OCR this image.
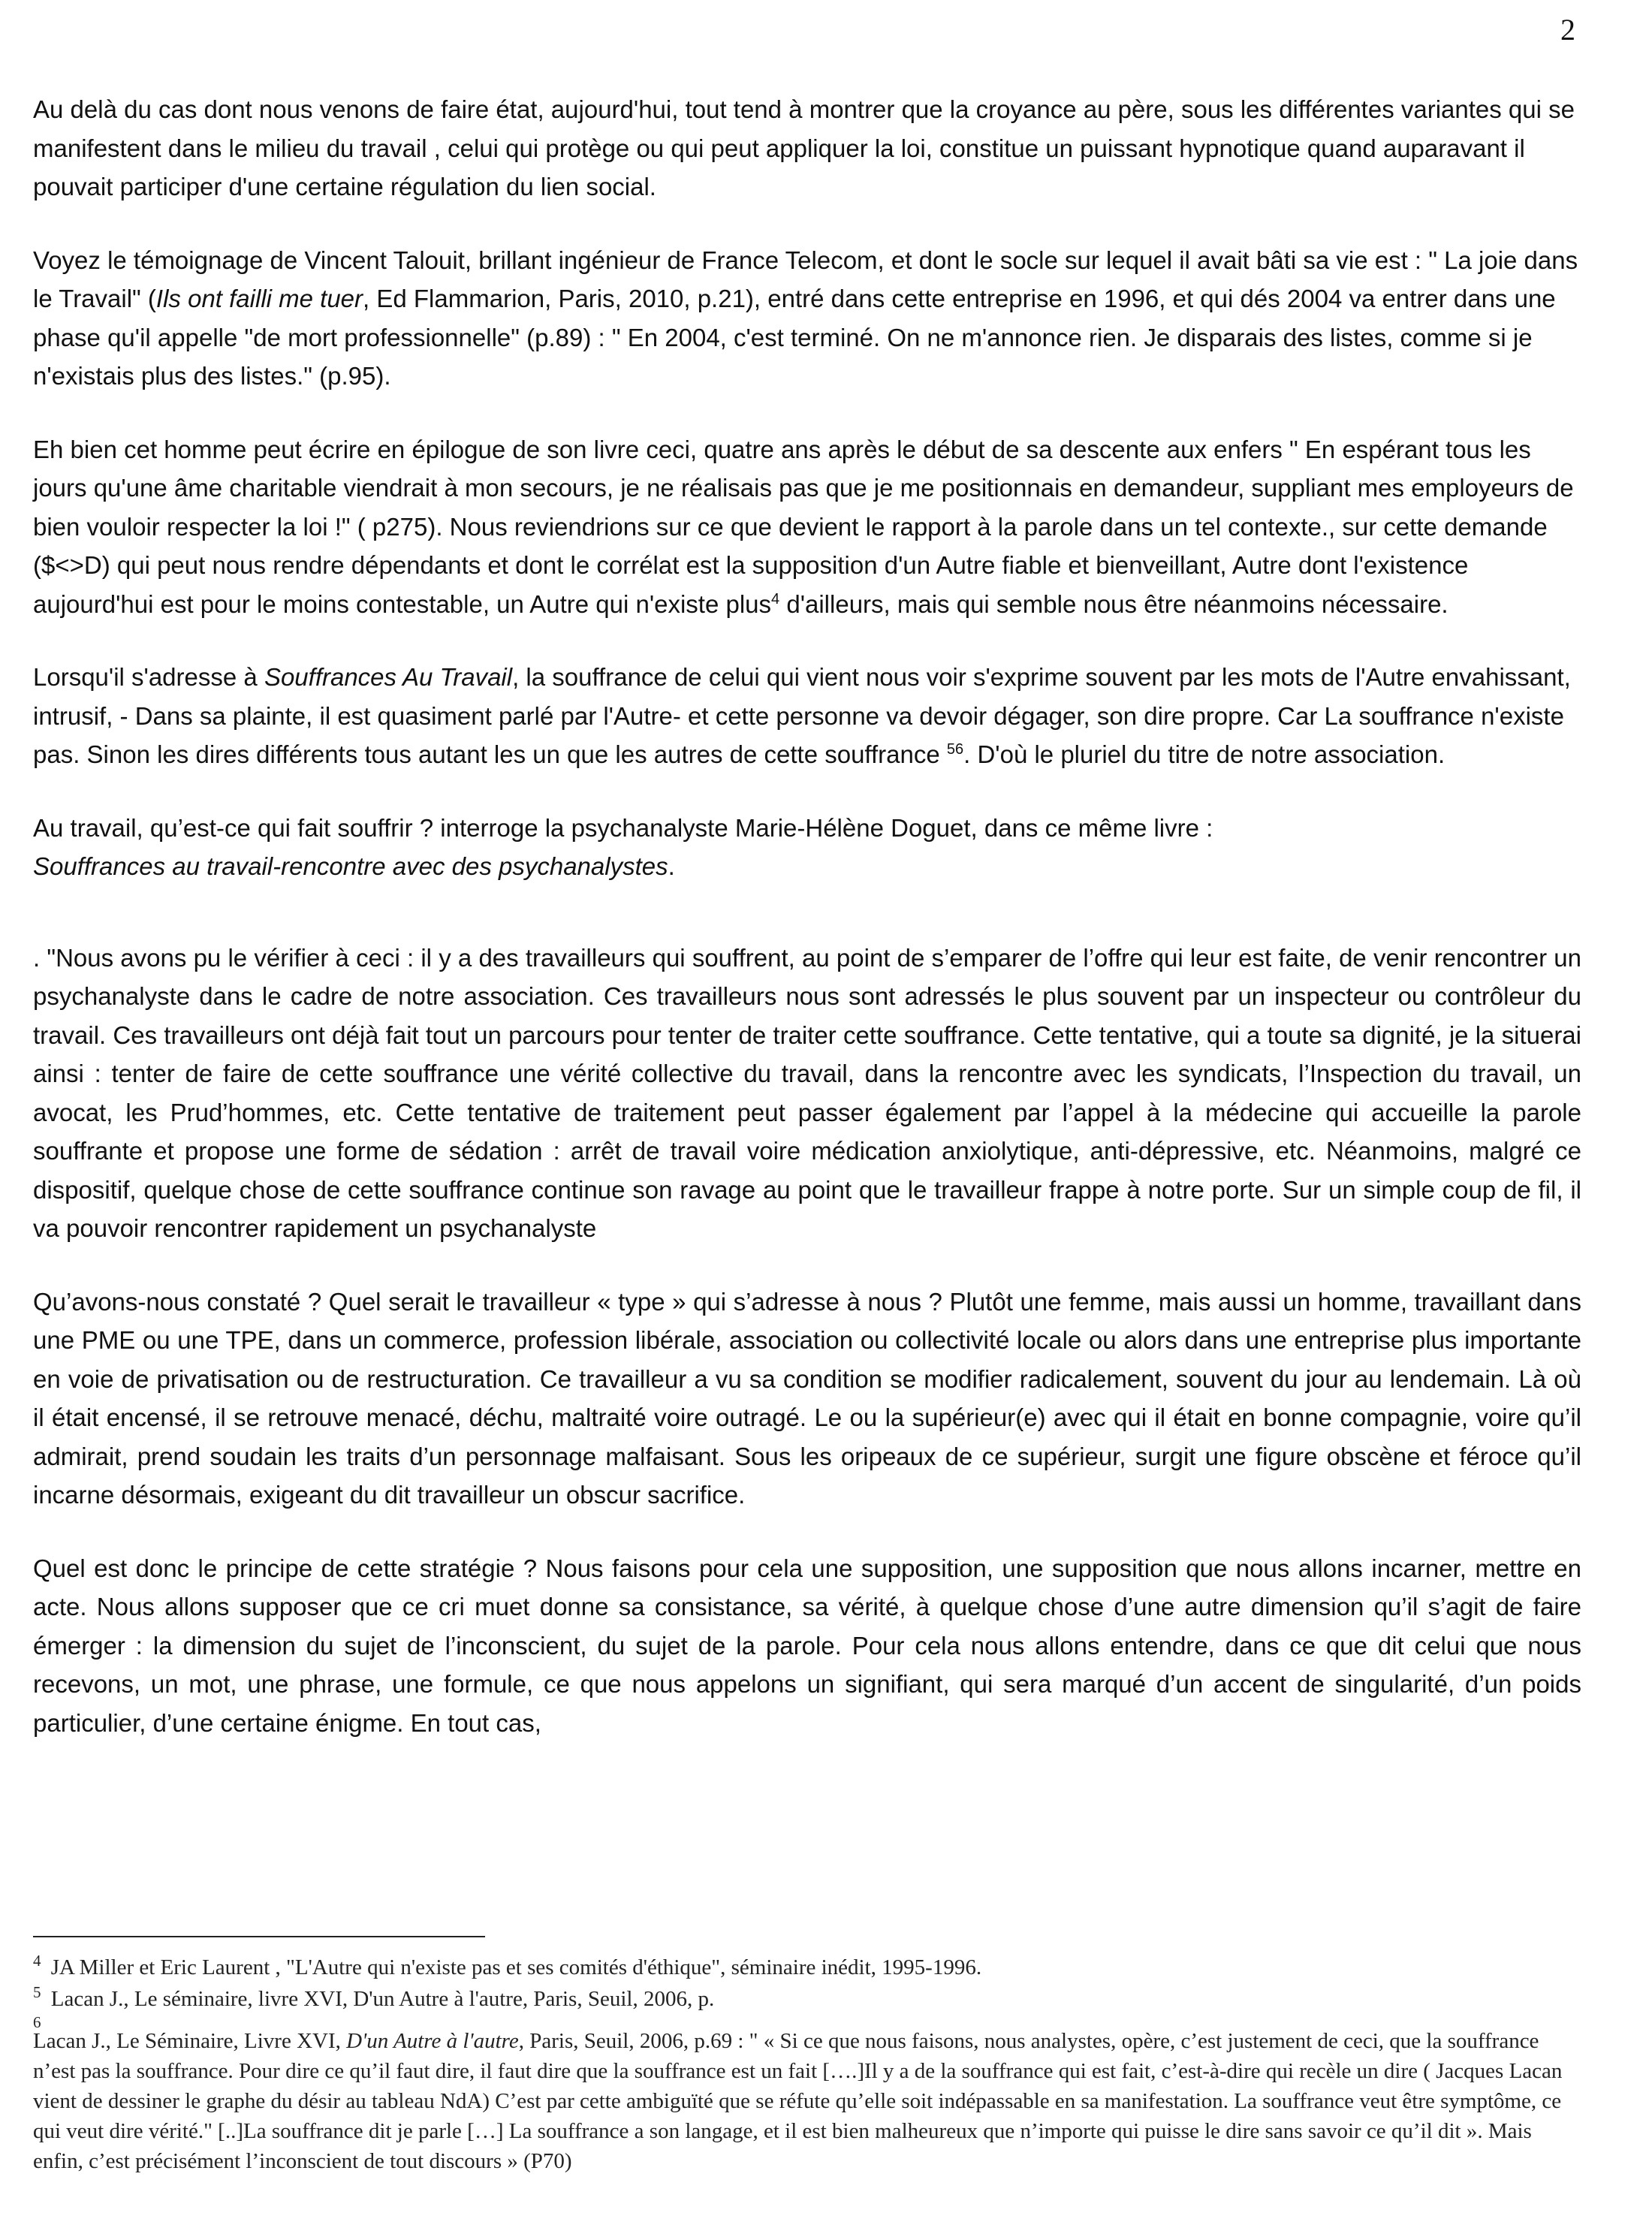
2

Au delà du cas dont nous venons de faire état, aujourd'hui, tout tend à montrer que la croyance au père, sous les différentes variantes qui se manifestent dans le milieu du travail , celui qui protège ou qui peut appliquer la loi, constitue un puissant hypnotique quand auparavant il pouvait participer d'une certaine régulation du lien social.

Voyez le témoignage de Vincent Talouit, brillant ingénieur de France Telecom, et dont le socle sur lequel il avait bâti sa vie est : " La joie dans le Travail" (Ils ont failli me tuer, Ed Flammarion, Paris, 2010, p.21), entré dans cette entreprise en 1996, et qui dés 2004 va entrer dans une phase qu'il appelle "de mort professionnelle" (p.89) : " En 2004, c'est terminé. On ne m'annonce rien. Je disparais des listes, comme si je n'existais plus des listes." (p.95).

Eh bien cet homme peut écrire en épilogue de son livre ceci, quatre ans après le début de sa descente aux enfers " En espérant tous les jours qu'une âme charitable viendrait à mon secours, je ne réalisais pas que je me positionnais en demandeur, suppliant mes employeurs de bien vouloir respecter la loi !" ( p275). Nous reviendrions sur ce que devient le rapport à la parole dans un tel contexte., sur cette demande ($<>D) qui peut nous rendre dépendants et dont le corrélat est la supposition d'un Autre fiable et bienveillant, Autre dont l'existence aujourd'hui est pour le moins contestable, un Autre qui n'existe plus$^4$ d'ailleurs, mais qui semble nous être néanmoins nécessaire.

Lorsqu'il s'adresse à Souffrances Au Travail, la souffrance de celui qui vient nous voir s'exprime souvent par les mots de l'Autre envahissant, intrusif, - Dans sa plainte, il est quasiment parlé par l'Autre- et cette personne va devoir dégager, son dire propre. Car La souffrance n'existe pas. Sinon les dires différents tous autant les un que les autres de cette souffrance $^{56}$. D'où le pluriel du titre de notre association.

Au travail, qu’est-ce qui fait souffrir ? interroge la psychanalyste Marie-Hélène Doguet, dans ce même livre :
Souffrances au travail-rencontre avec des psychanalystes.

. "Nous avons pu le vérifier à ceci : il y a des travailleurs qui souffrent, au point de s’emparer de l’offre qui leur est faite, de venir rencontrer un psychanalyste dans le cadre de notre association. Ces travailleurs nous sont adressés le plus souvent par un inspecteur ou contrôleur du travail. Ces travailleurs ont déjà fait tout un parcours pour tenter de traiter cette souffrance. Cette tentative, qui a toute sa dignité, je la situerai ainsi : tenter de faire de cette souffrance une vérité collective du travail, dans la rencontre avec les syndicats, l’Inspection du travail, un avocat, les Prud’hommes, etc. Cette tentative de traitement peut passer également par l’appel à la médecine qui accueille la parole souffrante et propose une forme de sédation : arrêt de travail voire médication anxiolytique, anti-dépressive, etc. Néanmoins, malgré ce dispositif, quelque chose de cette souffrance continue son ravage au point que le travailleur frappe à notre porte. Sur un simple coup de fil, il va pouvoir rencontrer rapidement un psychanalyste

Qu’avons-nous constaté ? Quel serait le travailleur « type » qui s’adresse à nous ? Plutôt une femme, mais aussi un homme, travaillant dans une PME ou une TPE, dans un commerce, profession libérale, association ou collectivité locale ou alors dans une entreprise plus importante en voie de privatisation ou de restructuration. Ce travailleur a vu sa condition se modifier radicalement, souvent du jour au lendemain. Là où il était encensé, il se retrouve menacé, déchu, maltraité voire outragé. Le ou la supérieur(e) avec qui il était en bonne compagnie, voire qu’il admirait, prend soudain les traits d’un personnage malfaisant. Sous les oripeaux de ce supérieur, surgit une figure obscène et féroce qu’il incarne désormais, exigeant du dit travailleur un obscur sacrifice.

Quel est donc le principe de cette stratégie ? Nous faisons pour cela une supposition, une supposition que nous allons incarner, mettre en acte. Nous allons supposer que ce cri muet donne sa consistance, sa vérité, à quelque chose d’une autre dimension qu’il s’agit de faire émerger : la dimension du sujet de l’inconscient, du sujet de la parole. Pour cela nous allons entendre, dans ce que dit celui que nous recevons, un mot, une phrase, une formule, ce que nous appelons un signifiant, qui sera marqué d’un accent de singularité, d’un poids particulier, d’une certaine énigme. En tout cas,

$^4$ JA Miller et Eric Laurent , "L'Autre qui n'existe pas et ses comités d'éthique", séminaire inédit, 1995-1996.

$^5$ Lacan J., Le séminaire, livre XVI, D'un Autre à l'autre, Paris, Seuil, 2006, p.

6
Lacan J., Le Séminaire, Livre XVI, D'un Autre à l'autre, Paris, Seuil, 2006, p.69 : " « Si ce que nous faisons, nous analystes, opère, c’est justement de ceci, que la souffrance n’est pas la souffrance. Pour dire ce qu’il faut dire, il faut dire que la souffrance est un fait [….]Il y a de la souffrance qui est fait, c’est-à-dire qui recèle un dire ( Jacques Lacan vient de dessiner le graphe du désir au tableau NdA) C’est par cette ambiguïté que se réfute qu’elle soit indépassable en sa manifestation. La souffrance veut être symptôme, ce qui veut dire vérité." [..]La souffrance dit je parle […] La souffrance a son langage, et il est bien malheureux que n’importe qui puisse le dire sans savoir ce qu’il dit ». Mais enfin, c’est précisément l’inconscient de tout discours » (P70)
